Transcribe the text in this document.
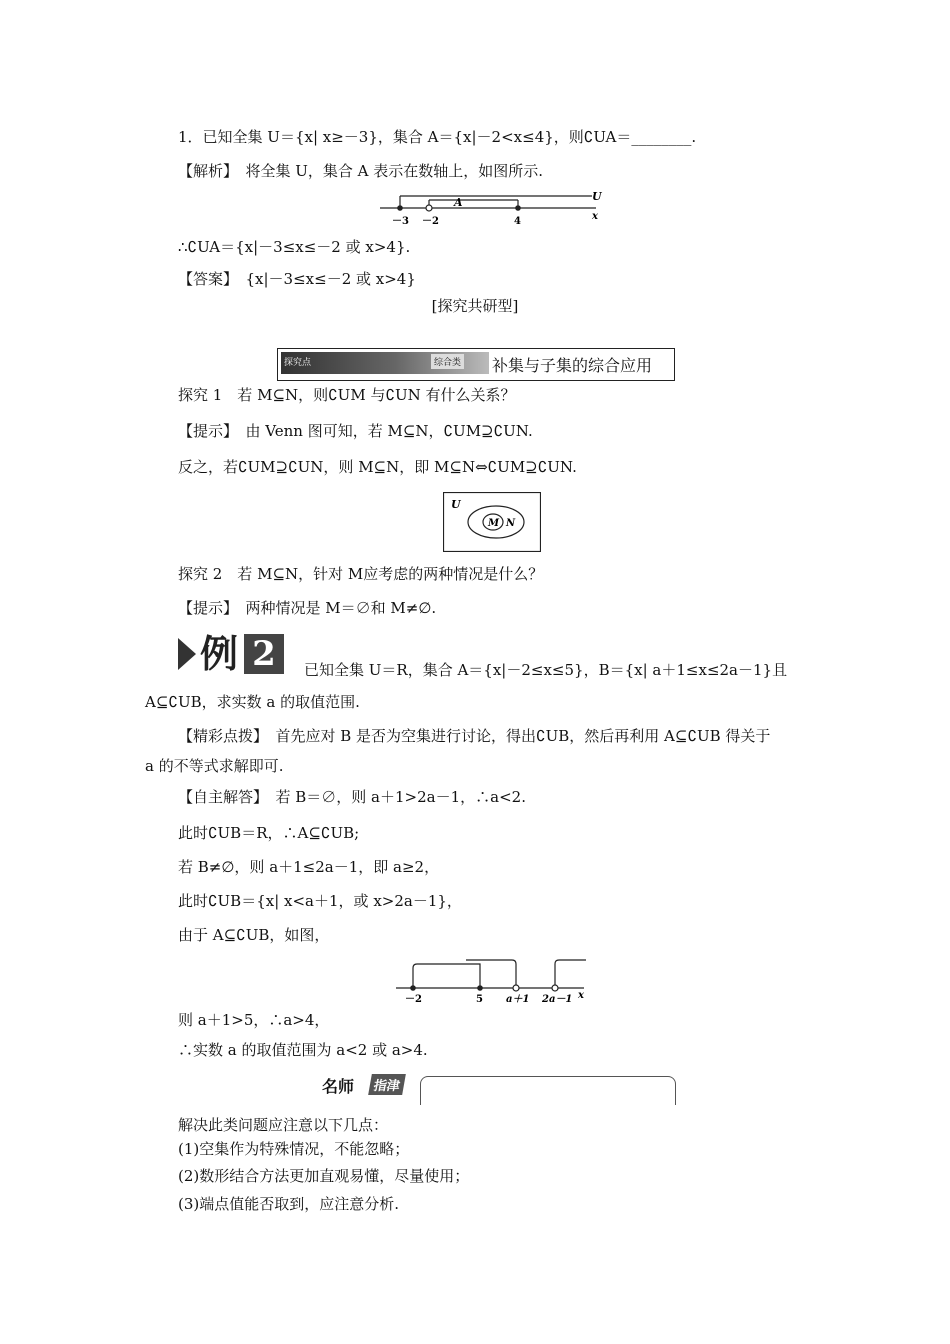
1．已知全集 U＝{x| x≥－3}，集合 A＝{x|－2<x≤4}，则∁UA＝________.
【解析】　将全集 U，集合 A 表示在数轴上，如图所示.
A	U
x
－3 －2	4
∴∁UA＝{x|－3≤x≤－2 或 x>4}.
【答案】　{x|－3≤x≤－2 或 x>4}
[探究共研型]
探究点	综合类 补集与子集的综合应用
探究 1　若 M⊆N，则∁UM 与∁UN 有什么关系？
【提示】　由 Venn 图可知，若 M⊆N，∁UM⊇∁UN.
反之，若∁UM⊇∁UN，则 M⊆N，即 M⊆N⇔∁UM⊇∁UN.
U
M N
探究 2　若 M⊆N，针对 M应考虑的两种情况是什么？
【提示】　两种情况是 M＝∅和 M≠∅.
例 2	已知全集 U＝R，集合 A＝{x|－2≤x≤5}，B＝{x| a＋1≤x≤2a－1}且
A⊆∁UB，求实数 a 的取值范围.
【精彩点拨】　首先应对 B 是否为空集进行讨论，得出∁UB，然后再利用 A⊆∁UB 得关于
a 的不等式求解即可.
【自主解答】　若 B＝∅，则 a＋1>2a－1，∴a<2.
此时∁UB＝R，∴A⊆∁UB;
若 B≠∅，则 a＋1≤2a－1，即 a≥2，
此时∁UB＝{x| x<a＋1，或 x>2a－1}，
由于 A⊆∁UB，如图，
－2	5 a＋1 2a－1 x
则 a＋1>5，∴a>4，
∴实数 a 的取值范围为 a<2 或 a>4.
名师	指津
解决此类问题应注意以下几点：
(1)空集作为特殊情况，不能忽略；
(2)数形结合方法更加直观易懂，尽量使用；
(3)端点值能否取到，应注意分析.
